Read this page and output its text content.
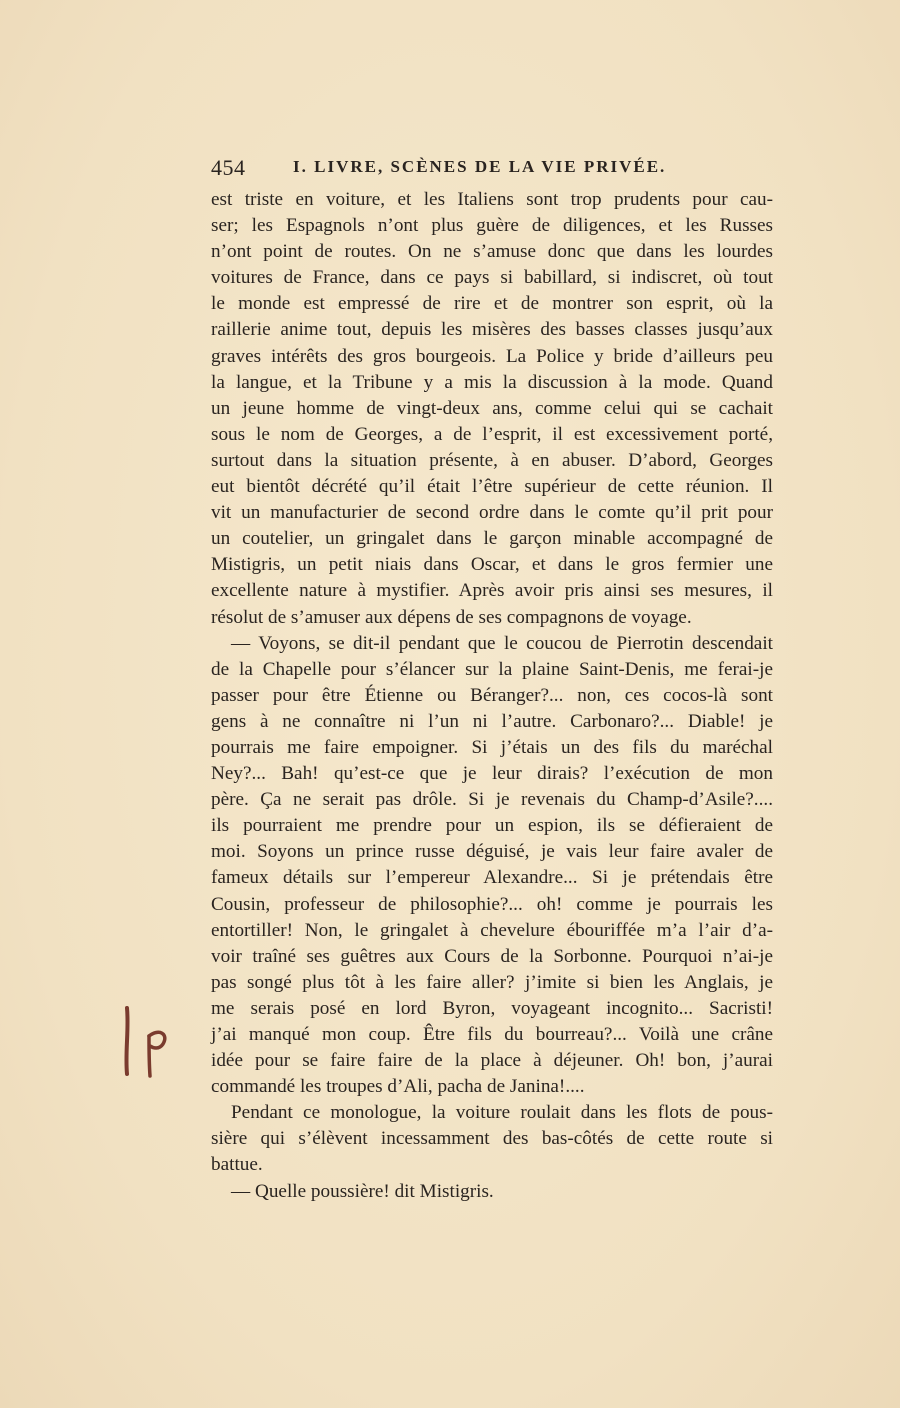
454	I. LIVRE, SCÈNES DE LA VIE PRIVÉE.
est triste en voiture, et les Italiens sont trop prudents pour cau-
ser; les Espagnols n’ont plus guère de diligences, et les Russes
n’ont point de routes. On ne s’amuse donc que dans les lourdes
voitures de France, dans ce pays si babillard, si indiscret, où tout
le monde est empressé de rire et de montrer son esprit, où la
raillerie anime tout, depuis les misères des basses classes jusqu’aux
graves intérêts des gros bourgeois. La Police y bride d’ailleurs peu
la langue, et la Tribune y a mis la discussion à la mode. Quand
un jeune homme de vingt-deux ans, comme celui qui se cachait
sous le nom de Georges, a de l’esprit, il est excessivement porté,
surtout dans la situation présente, à en abuser. D’abord, Georges
eut bientôt décrété qu’il était l’être supérieur de cette réunion. Il
vit un manufacturier de second ordre dans le comte qu’il prit pour
un coutelier, un gringalet dans le garçon minable accompagné de
Mistigris, un petit niais dans Oscar, et dans le gros fermier une
excellente nature à mystifier. Après avoir pris ainsi ses mesures, il
résolut de s’amuser aux dépens de ses compagnons de voyage.
— Voyons, se dit-il pendant que le coucou de Pierrotin descendait
de la Chapelle pour s’élancer sur la plaine Saint-Denis, me ferai-je
passer pour être Étienne ou Béranger?... non, ces cocos-là sont
gens à ne connaître ni l’un ni l’autre. Carbonaro?... Diable! je
pourrais me faire empoigner. Si j’étais un des fils du maréchal
Ney?... Bah! qu’est-ce que je leur dirais? l’exécution de mon
père. Ça ne serait pas drôle. Si je revenais du Champ-d’Asile?....
ils pourraient me prendre pour un espion, ils se défieraient de
moi. Soyons un prince russe déguisé, je vais leur faire avaler de
fameux détails sur l’empereur Alexandre... Si je prétendais être
Cousin, professeur de philosophie?... oh! comme je pourrais les
entortiller! Non, le gringalet à chevelure ébouriffée m’a l’air d’a-
voir traîné ses guêtres aux Cours de la Sorbonne. Pourquoi n’ai-je
pas songé plus tôt à les faire aller? j’imite si bien les Anglais, je
me serais posé en lord Byron, voyageant incognito... Sacristi!
j’ai manqué mon coup. Être fils du bourreau?... Voilà une crâne
idée pour se faire faire de la place à déjeuner. Oh! bon, j’aurai
commandé les troupes d’Ali, pacha de Janina!....
Pendant ce monologue, la voiture roulait dans les flots de pous-
sière qui s’élèvent incessamment des bas-côtés de cette route si
battue.
— Quelle poussière! dit Mistigris.
